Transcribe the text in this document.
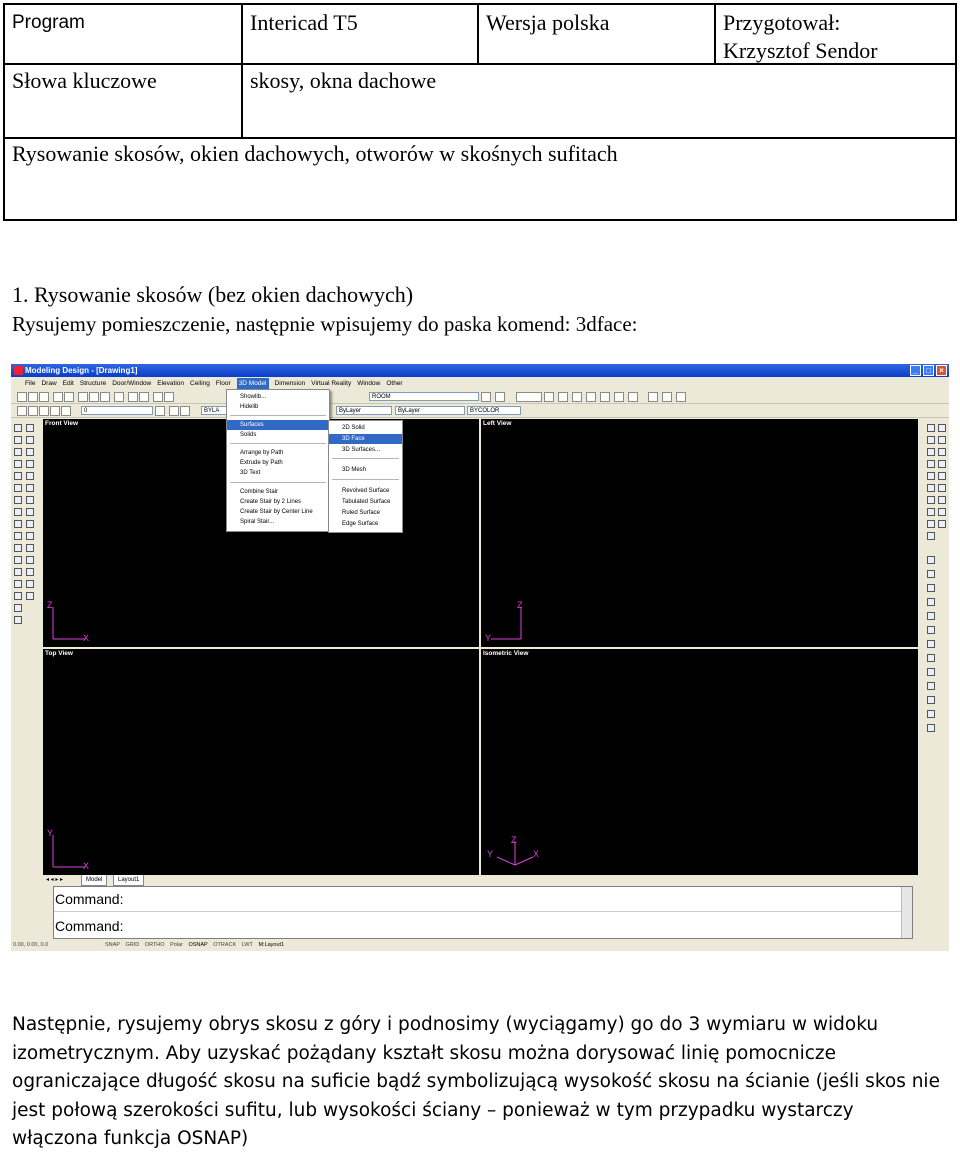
Program	Intericad T5	Wersja polska	Przygotował:
Krzysztof Sendor
Słowa kluczowe	skosy, okna dachowe
Rysowanie skosów, okien dachowych, otworów w skośnych sufitach
1. Rysowanie skosów (bez okien dachowych)
Rysujemy pomieszczenie, następnie wpisujemy do paska komend: 3dface:
Modeling Design - [Drawing1]	_	□	×
File Draw Edit Structure Door/Window Elevation Ceiling Floor 3D Model Dimension Virtual Reality Window Other
ROOM
0	BYLA	ByLayer	ByLayer	BYCOLOR
Front View
Z
X
Left View
Z
Y
Top View
Y
X
Isometric View
Z
Y	X
◂ ◂ ▸ ▸	Model	Layout1
Command:
Command:
0.00, 0.00, 0.0	SNAP GRID ORTHO Polar OSNAP OTRACK LWT M:Layout1
Showlib...
Hidelib
Surfaces
Solids
Arrange by Path
Extrude by Path
3D Text
Combine Stair
Create Stair by 2 Lines
Create Stair by Center Line
Spiral Stair...
2D Solid
3D Face
3D Surfaces...
3D Mesh
Revolved Surface
Tabulated Surface
Ruled Surface
Edge Surface
Następnie, rysujemy obrys skosu z góry i podnosimy (wyciągamy) go do 3 wymiaru w widoku izometrycznym. Aby uzyskać pożądany kształt skosu można dorysować linię pomocnicze ograniczające długość skosu na suficie bądź symbolizującą wysokość skosu na ścianie (jeśli skos nie jest połową szerokości sufitu, lub wysokości ściany – ponieważ w tym przypadku wystarczy włączona funkcja OSNAP)
